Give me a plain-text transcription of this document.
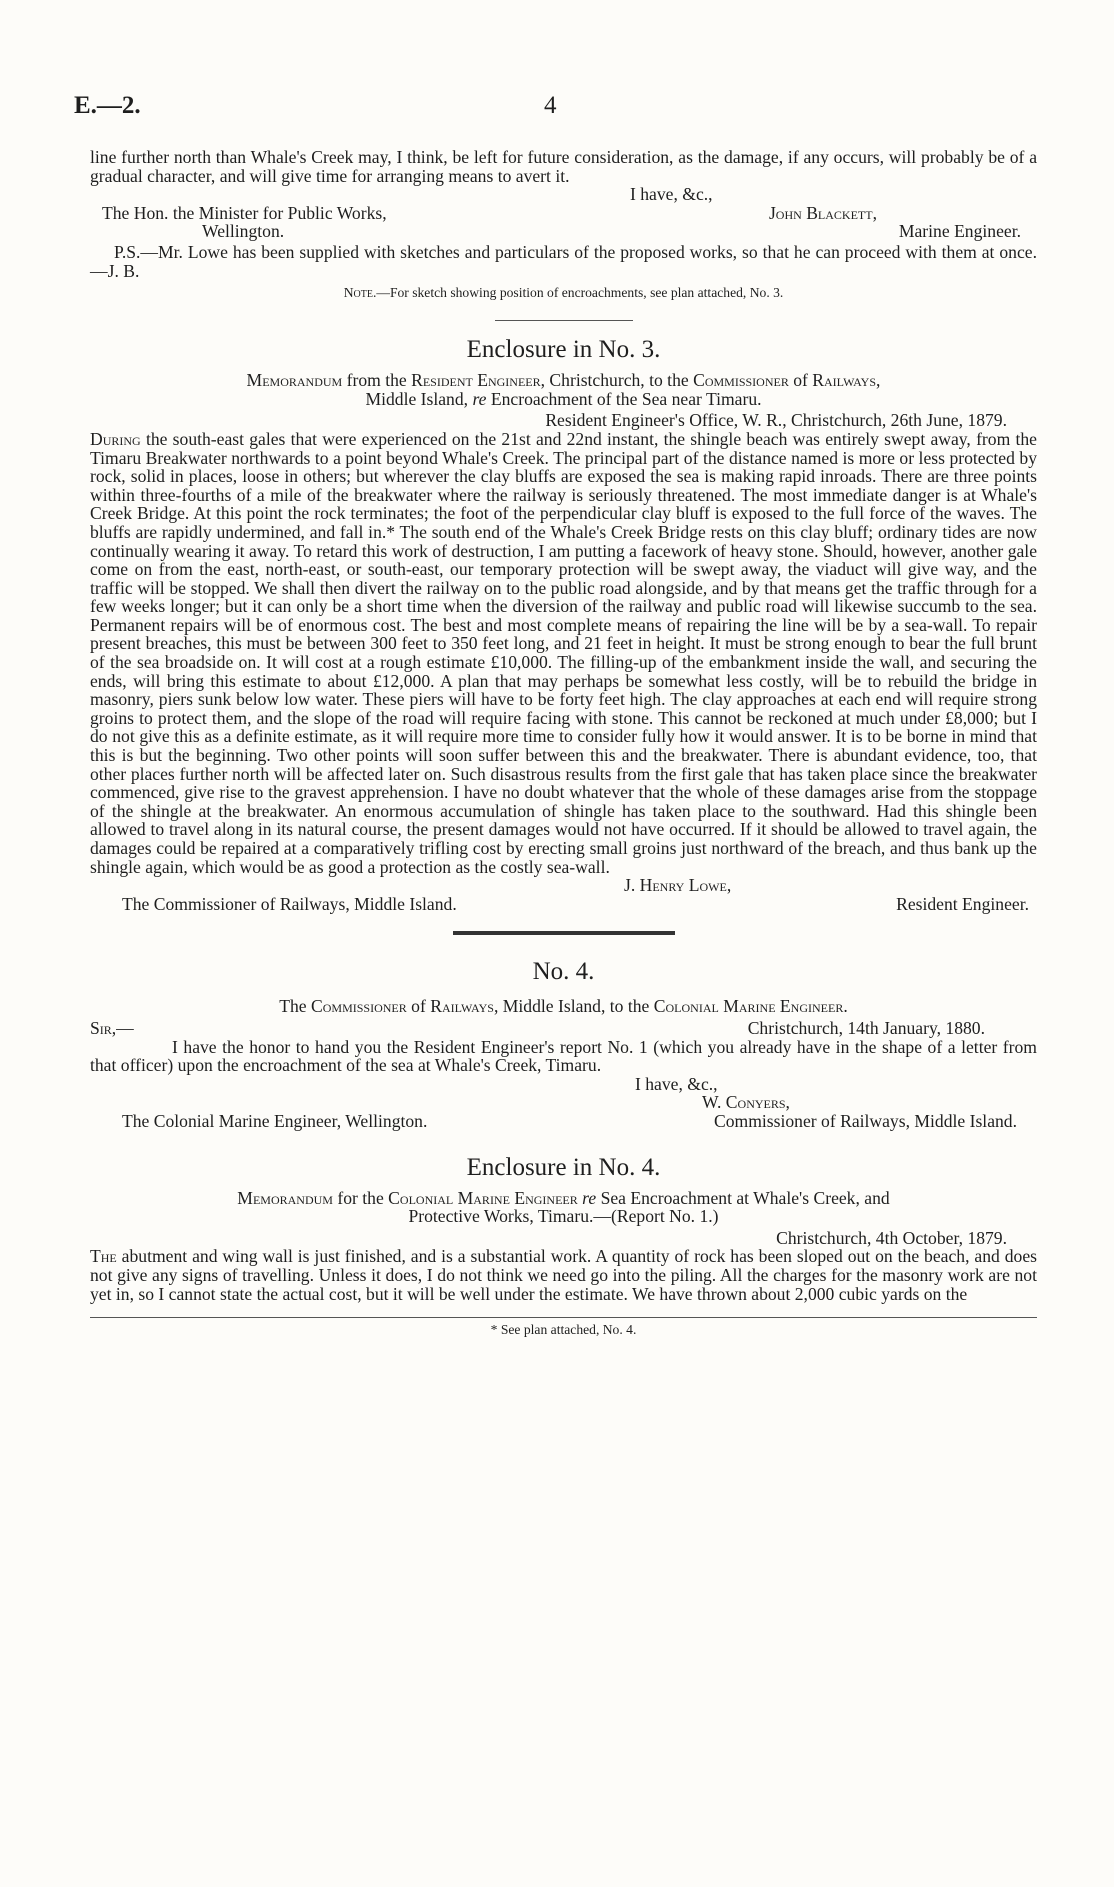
E.—2.	4

line further north than Whale's Creek may, I think, be left for future consideration, as the damage, if any occurs, will probably be of a gradual character, and will give time for arranging means to avert it.

I have, &c.,

The Hon. the Minister for Public Works,	John Blackett,
Wellington.	Marine Engineer.

P.S.—Mr. Lowe has been supplied with sketches and particulars of the proposed works, so that he can proceed with them at once.—J. B.

Note.—For sketch showing position of encroachments, see plan attached, No. 3.

Enclosure in No. 3.

Memorandum from the Resident Engineer, Christchurch, to the Commissioner of Railways,
Middle Island, re Encroachment of the Sea near Timaru.

Resident Engineer's Office, W. R., Christchurch, 26th June, 1879.

During the south-east gales that were experienced on the 21st and 22nd instant, the shingle beach was entirely swept away, from the Timaru Breakwater northwards to a point beyond Whale's Creek. The principal part of the distance named is more or less protected by rock, solid in places, loose in others; but wherever the clay bluffs are exposed the sea is making rapid inroads. There are three points within three-fourths of a mile of the breakwater where the railway is seriously threatened. The most immediate danger is at Whale's Creek Bridge. At this point the rock terminates; the foot of the perpendicular clay bluff is exposed to the full force of the waves. The bluffs are rapidly undermined, and fall in.* The south end of the Whale's Creek Bridge rests on this clay bluff; ordinary tides are now continually wearing it away. To retard this work of destruction, I am putting a facework of heavy stone. Should, however, another gale come on from the east, north-east, or south-east, our temporary protection will be swept away, the viaduct will give way, and the traffic will be stopped. We shall then divert the railway on to the public road alongside, and by that means get the traffic through for a few weeks longer; but it can only be a short time when the diversion of the railway and public road will likewise succumb to the sea. Permanent repairs will be of enormous cost. The best and most complete means of repairing the line will be by a sea-wall. To repair present breaches, this must be between 300 feet to 350 feet long, and 21 feet in height. It must be strong enough to bear the full brunt of the sea broadside on. It will cost at a rough estimate £10,000. The filling-up of the embankment inside the wall, and securing the ends, will bring this estimate to about £12,000. A plan that may perhaps be somewhat less costly, will be to rebuild the bridge in masonry, piers sunk below low water. These piers will have to be forty feet high. The clay approaches at each end will require strong groins to protect them, and the slope of the road will require facing with stone. This cannot be reckoned at much under £8,000; but I do not give this as a definite estimate, as it will require more time to consider fully how it would answer. It is to be borne in mind that this is but the beginning. Two other points will soon suffer between this and the breakwater. There is abundant evidence, too, that other places further north will be affected later on. Such disastrous results from the first gale that has taken place since the breakwater commenced, give rise to the gravest apprehension. I have no doubt whatever that the whole of these damages arise from the stoppage of the shingle at the breakwater. An enormous accumulation of shingle has taken place to the southward. Had this shingle been allowed to travel along in its natural course, the present damages would not have occurred. If it should be allowed to travel again, the damages could be repaired at a comparatively trifling cost by erecting small groins just northward of the breach, and thus bank up the shingle again, which would be as good a protection as the costly sea-wall.

J. Henry Lowe,

The Commissioner of Railways, Middle Island.	Resident Engineer.
No. 4.

The Commissioner of Railways, Middle Island, to the Colonial Marine Engineer.

Sir,—	Christchurch, 14th January, 1880.

I have the honor to hand you the Resident Engineer's report No. 1 (which you already have in the shape of a letter from that officer) upon the encroachment of the sea at Whale's Creek, Timaru.

I have, &c.,

W. Conyers,

The Colonial Marine Engineer, Wellington.	Commissioner of Railways, Middle Island.
Enclosure in No. 4.

Memorandum for the Colonial Marine Engineer re Sea Encroachment at Whale's Creek, and
Protective Works, Timaru.—(Report No. 1.)

Christchurch, 4th October, 1879.

The abutment and wing wall is just finished, and is a substantial work. A quantity of rock has been sloped out on the beach, and does not give any signs of travelling. Unless it does, I do not think we need go into the piling. All the charges for the masonry work are not yet in, so I cannot state the actual cost, but it will be well under the estimate. We have thrown about 2,000 cubic yards on the

* See plan attached, No. 4.
